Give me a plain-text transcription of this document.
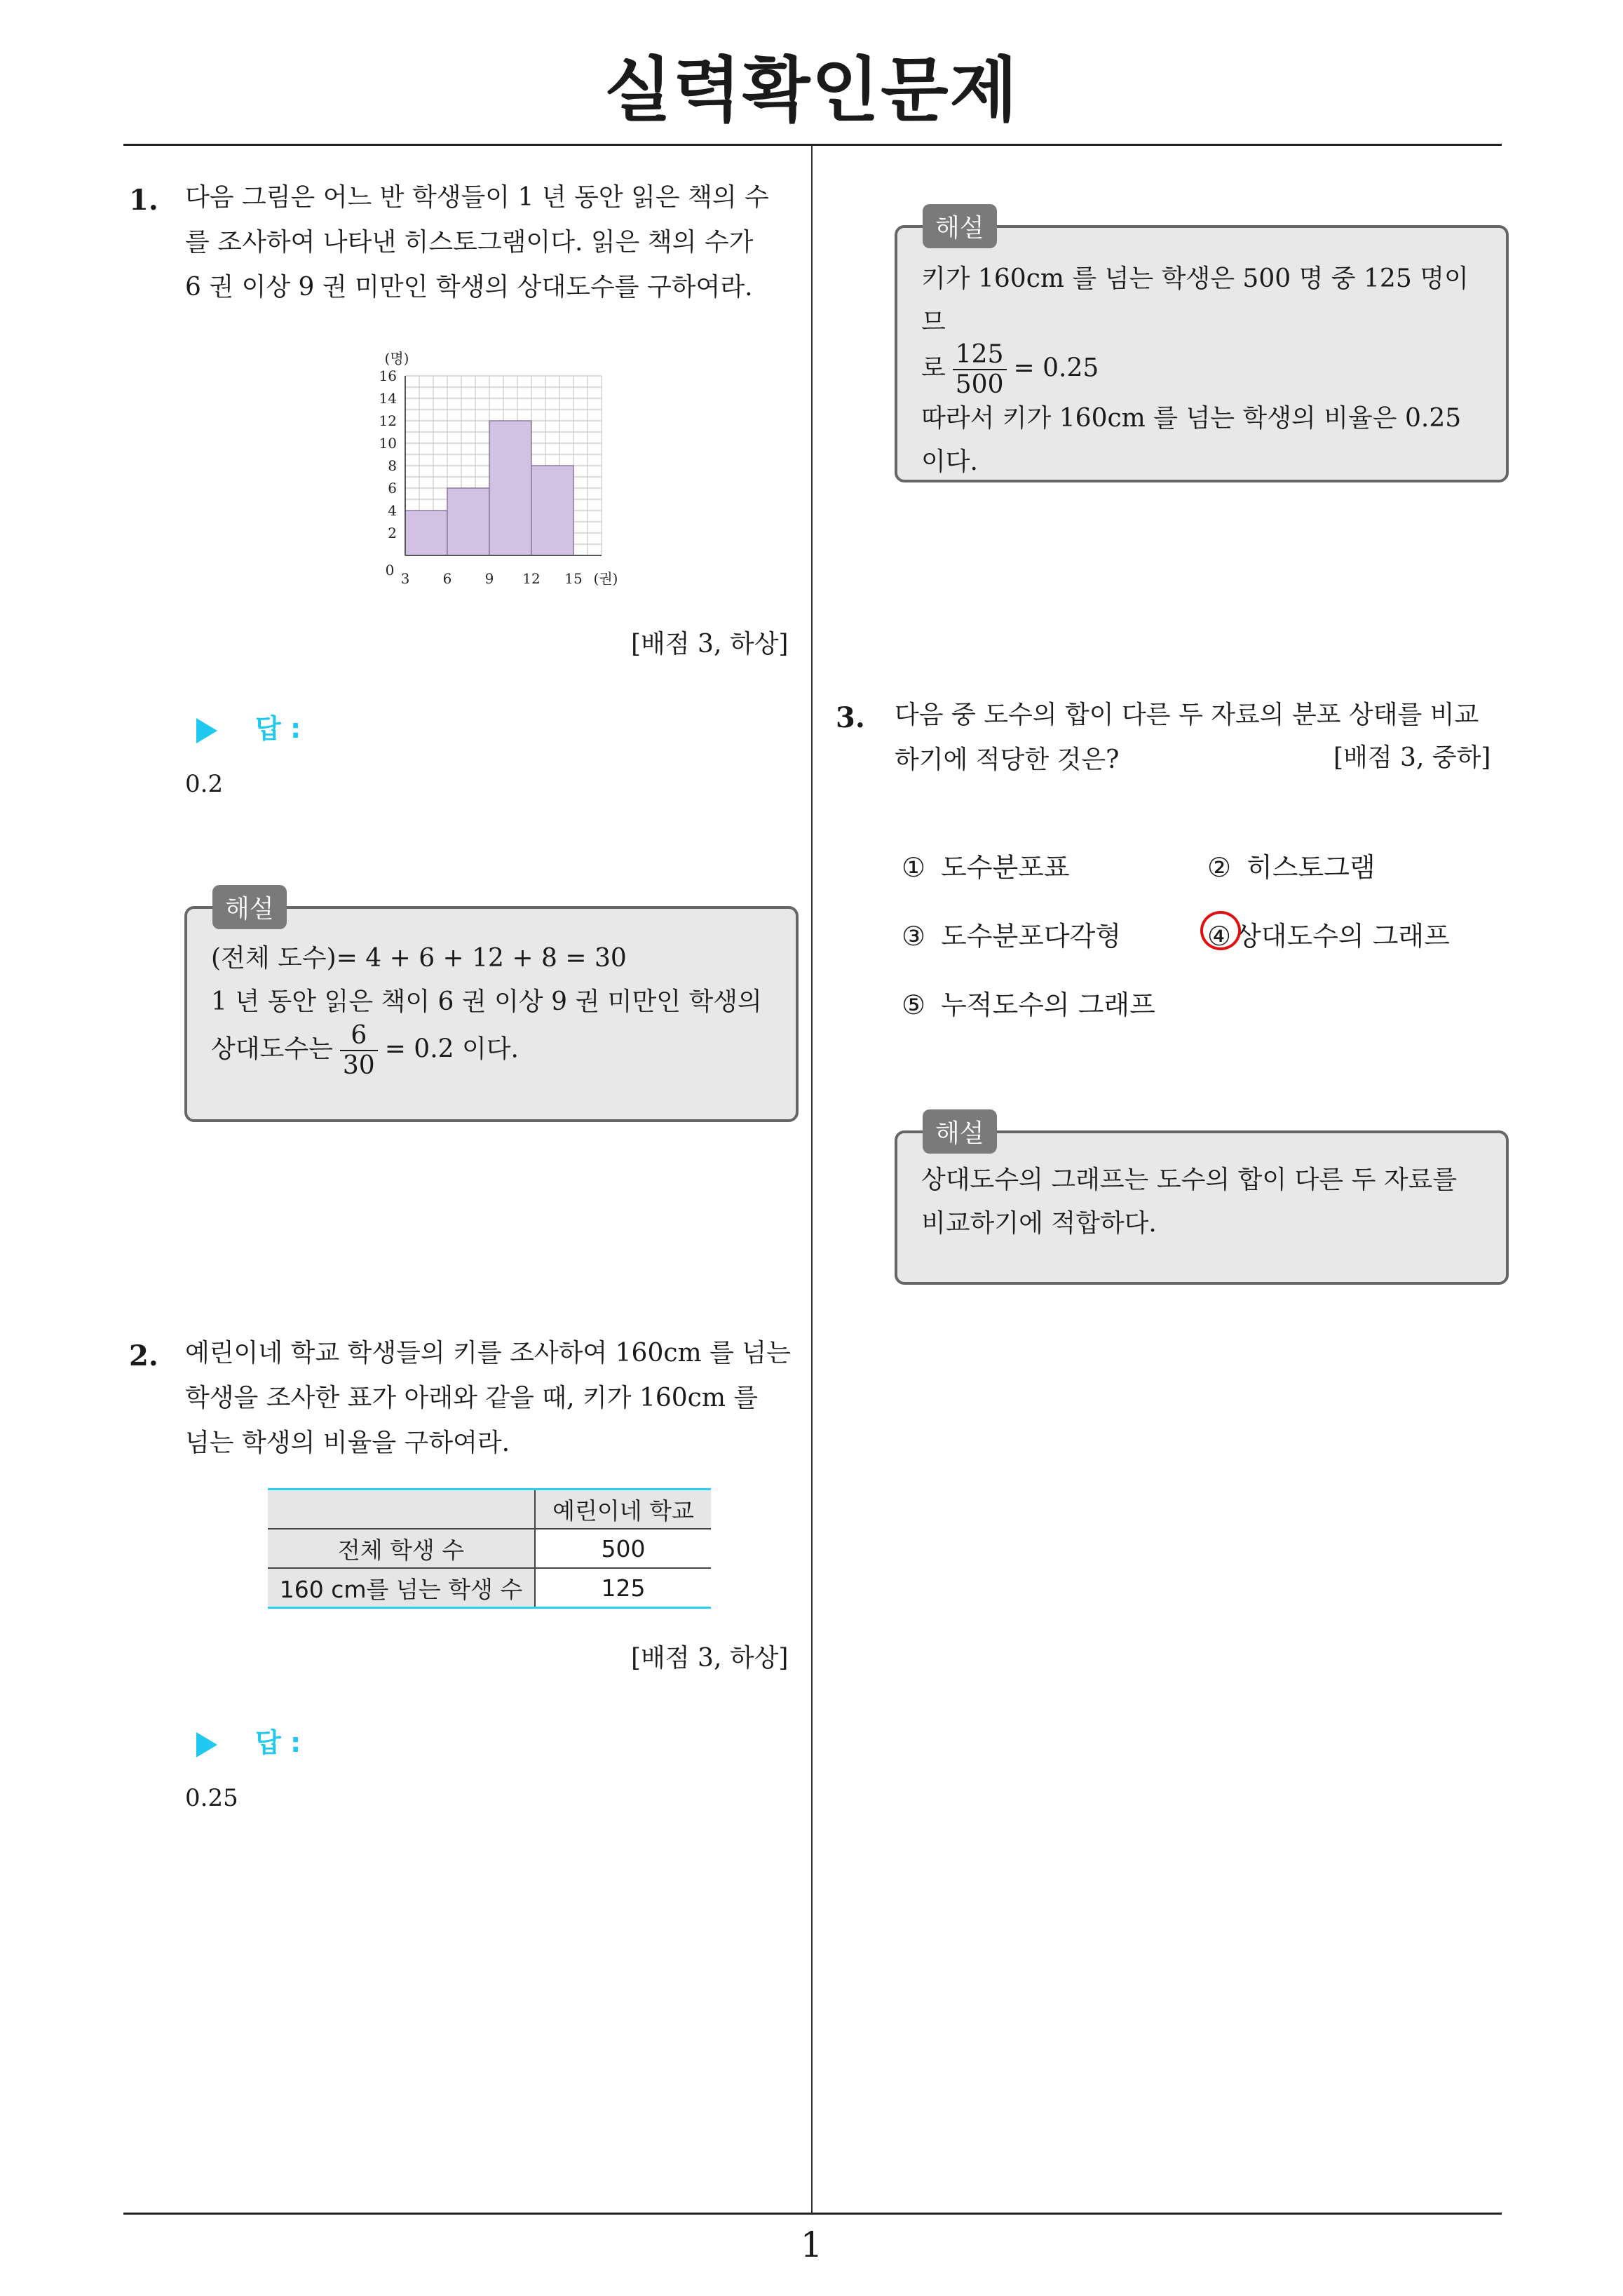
실력확인문제
1. 다음 그림은 어느 반 학생들이 1 년 동안 읽은 책의 수
를 조사하여 나타낸 히스토그램이다. 읽은 책의 수가
6 권 이상 9 권 미만인 학생의 상대도수를 구하여라.
2
4
6
8
10
12
14
16
0 3 6 9 12 15 (권)
(명)
[배점 3, 하상]
답 :
0.2
해설
(전체 도수)= 4 + 6 + 12 + 8 = 30
1 년 동안 읽은 책이 6 권 이상 9 권 미만인 학생의
상대도수는 $\frac{6}{30} = 0.2$ 이다.
2. 예린이네 학교 학생들의 키를 조사하여 160cm 를 넘는
학생을 조사한 표가 아래와 같을 때, 키가 160cm 를
넘는 학생의 비율을 구하여라.
	예린이네 학교
전체 학생 수	500
160 cm를 넘는 학생 수	125
[배점 3, 하상]
답 :
0.25
해설
키가 160cm 를 넘는 학생은 500 명 중 125 명이므
로 $\frac{125}{500} = 0.25$
따라서 키가 160cm 를 넘는 학생의 비율은 0.25
이다.
3. 다음 중 도수의 합이 다른 두 자료의 분포 상태를 비교
하기에 적당한 것은?	[배점 3, 중하]
① 도수분포표	② 히스토그램
③ 도수분포다각형	④ 상대도수의 그래프
⑤ 누적도수의 그래프
해설
상대도수의 그래프는 도수의 합이 다른 두 자료를
비교하기에 적합하다.
1
